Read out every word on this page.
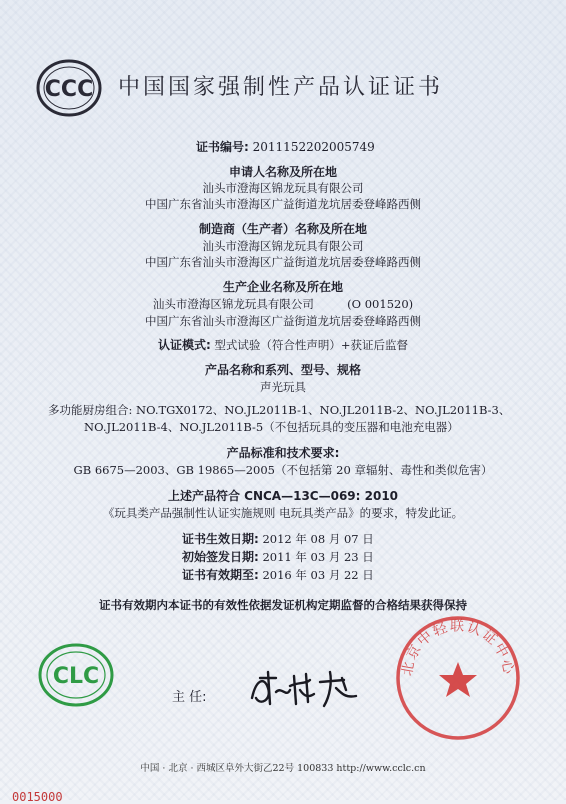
CCC 中国国家强制性产品认证证书
证书编号: 2011152202005749
申请人名称及所在地
汕头市澄海区锦龙玩具有限公司
中国广东省汕头市澄海区广益街道龙坑居委登峰路西侧
制造商（生产者）名称及所在地
汕头市澄海区锦龙玩具有限公司
中国广东省汕头市澄海区广益街道龙坑居委登峰路西侧
生产企业名称及所在地
汕头市澄海区锦龙玩具有限公司	(O 001520)
中国广东省汕头市澄海区广益街道龙坑居委登峰路西侧
认证模式: 型式试验（符合性声明）+获证后监督
产品名称和系列、型号、规格
声光玩具
多功能厨房组合: NO.TGX0172、NO.JL2011B-1、NO.JL2011B-2、NO.JL2011B-3、
NO.JL2011B-4、NO.JL2011B-5（不包括玩具的变压器和电池充电器）
产品标准和技术要求:
GB 6675—2003、GB 19865—2005（不包括第 20 章辐射、毒性和类似危害）
上述产品符合 CNCA—13C—069: 2010
《玩具类产品强制性认证实施规则 电玩具类产品》的要求，特发此证。
证书生效日期: 2012 年 08 月 07 日
初始签发日期: 2011 年 03 月 23 日
证书有效期至: 2016 年 03 月 22 日
证书有效期内本证书的有效性依据发证机构定期监督的合格结果获得保持
CLC
主 任:
北京中轻联认证中心
中国 · 北京 · 西城区阜外大街乙22号 100833 http://www.cclc.cn
0015000
